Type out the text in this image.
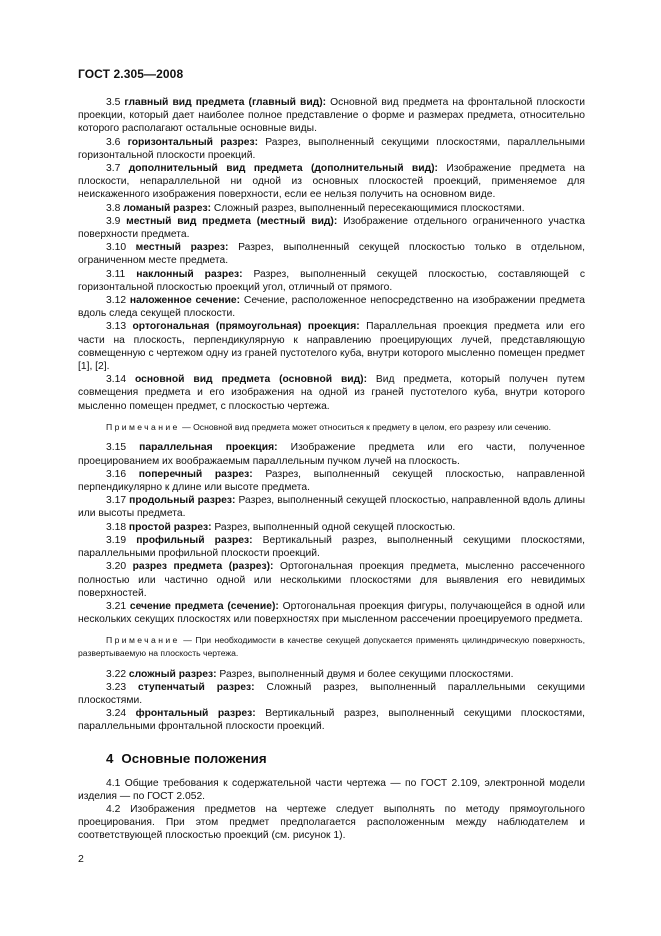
ГОСТ 2.305—2008

3.5 главный вид предмета (главный вид): Основной вид предмета на фронтальной плоскости проекции, который дает наиболее полное представление о форме и размерах предмета, относительно которого располагают остальные основные виды.

3.6 горизонтальный разрез: Разрез, выполненный секущими плоскостями, параллельными горизонтальной плоскости проекций.

3.7 дополнительный вид предмета (дополнительный вид): Изображение предмета на плоскости, непараллельной ни одной из основных плоскостей проекций, применяемое для неискаженного изображения поверхности, если ее нельзя получить на основном виде.

3.8 ломаный разрез: Сложный разрез, выполненный пересекающимися плоскостями.

3.9 местный вид предмета (местный вид): Изображение отдельного ограниченного участка поверхности предмета.

3.10 местный разрез: Разрез, выполненный секущей плоскостью только в отдельном, ограниченном месте предмета.

3.11 наклонный разрез: Разрез, выполненный секущей плоскостью, составляющей с горизонтальной плоскостью проекций угол, отличный от прямого.

3.12 наложенное сечение: Сечение, расположенное непосредственно на изображении предмета вдоль следа секущей плоскости.

3.13 ортогональная (прямоугольная) проекция: Параллельная проекция предмета или его части на плоскость, перпендикулярную к направлению проецирующих лучей, представляющую совмещенную с чертежом одну из граней пустотелого куба, внутри которого мысленно помещен предмет [1], [2].

3.14 основной вид предмета (основной вид): Вид предмета, который получен путем совмещения предмета и его изображения на одной из граней пустотелого куба, внутри которого мысленно помещен предмет, с плоскостью чертежа.

Примечание — Основной вид предмета может относиться к предмету в целом, его разрезу или сечению.

3.15 параллельная проекция: Изображение предмета или его части, полученное проецированием их воображаемым параллельным пучком лучей на плоскость.

3.16 поперечный разрез: Разрез, выполненный секущей плоскостью, направленной перпендикулярно к длине или высоте предмета.

3.17 продольный разрез: Разрез, выполненный секущей плоскостью, направленной вдоль длины или высоты предмета.

3.18 простой разрез: Разрез, выполненный одной секущей плоскостью.

3.19 профильный разрез: Вертикальный разрез, выполненный секущими плоскостями, параллельными профильной плоскости проекций.

3.20 разрез предмета (разрез): Ортогональная проекция предмета, мысленно рассеченного полностью или частично одной или несколькими плоскостями для выявления его невидимых поверхностей.

3.21 сечение предмета (сечение): Ортогональная проекция фигуры, получающейся в одной или нескольких секущих плоскостях или поверхностях при мысленном рассечении проецируемого предмета.

Примечание — При необходимости в качестве секущей допускается применять цилиндрическую поверхность, развертываемую на плоскость чертежа.

3.22 сложный разрез: Разрез, выполненный двумя и более секущими плоскостями.

3.23 ступенчатый разрез: Сложный разрез, выполненный параллельными секущими плоскостями.

3.24 фронтальный разрез: Вертикальный разрез, выполненный секущими плоскостями, параллельными фронтальной плоскости проекций.

4 Основные положения

4.1 Общие требования к содержательной части чертежа — по ГОСТ 2.109, электронной модели изделия — по ГОСТ 2.052.

4.2 Изображения предметов на чертеже следует выполнять по методу прямоугольного проецирования. При этом предмет предполагается расположенным между наблюдателем и соответствующей плоскостью проекций (см. рисунок 1).

2
